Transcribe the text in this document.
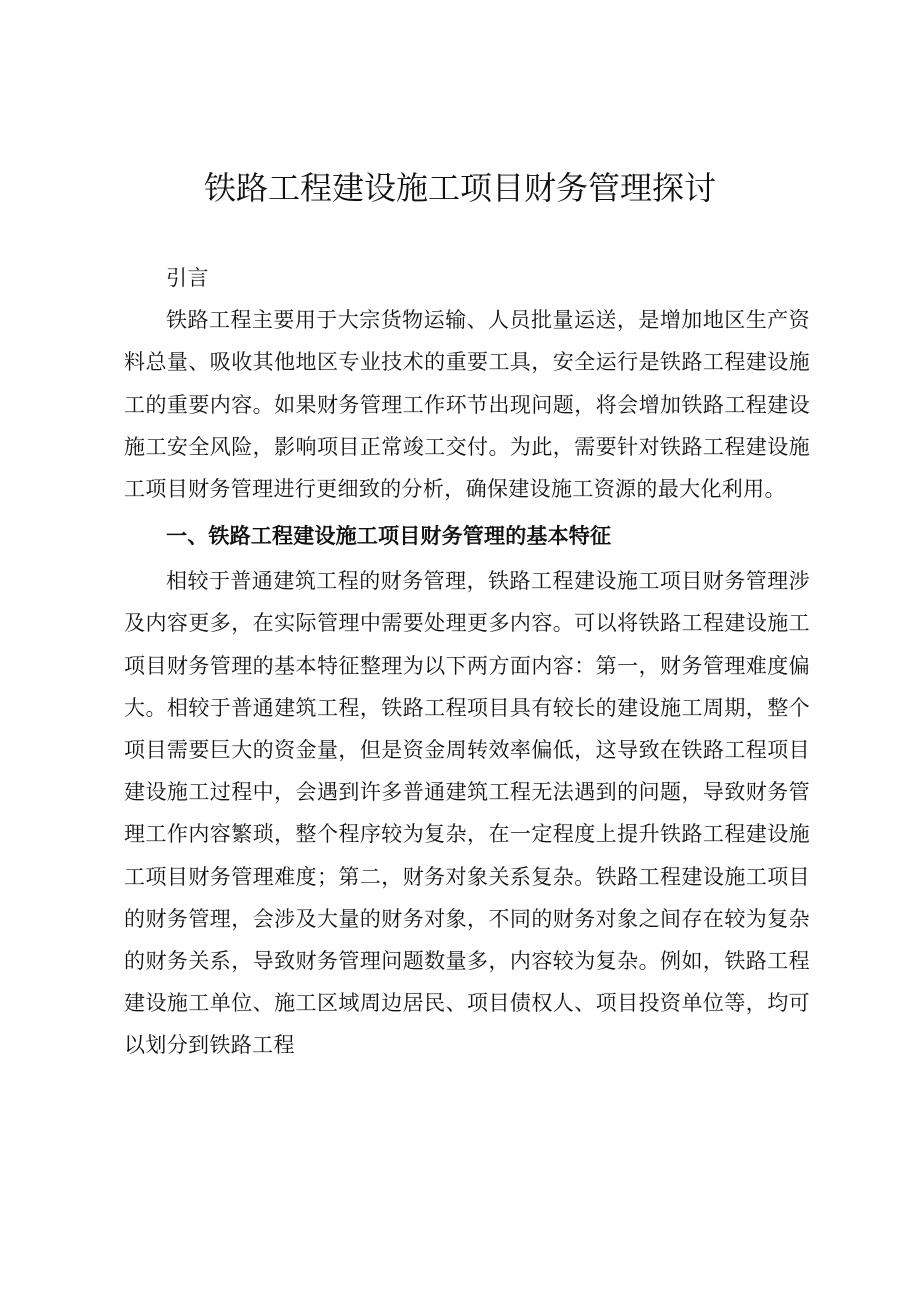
铁路工程建设施工项目财务管理探讨

引言

铁路工程主要用于大宗货物运输、人员批量运送，是增加地区生产资料总量、吸收其他地区专业技术的重要工具，安全运行是铁路工程建设施工的重要内容。如果财务管理工作环节出现问题，将会增加铁路工程建设施工安全风险，影响项目正常竣工交付。为此，需要针对铁路工程建设施工项目财务管理进行更细致的分析，确保建设施工资源的最大化利用。

一、铁路工程建设施工项目财务管理的基本特征

相较于普通建筑工程的财务管理，铁路工程建设施工项目财务管理涉及内容更多，在实际管理中需要处理更多内容。可以将铁路工程建设施工项目财务管理的基本特征整理为以下两方面内容：第一，财务管理难度偏大。相较于普通建筑工程，铁路工程项目具有较长的建设施工周期，整个项目需要巨大的资金量，但是资金周转效率偏低，这导致在铁路工程项目建设施工过程中，会遇到许多普通建筑工程无法遇到的问题，导致财务管理工作内容繁琐，整个程序较为复杂，在一定程度上提升铁路工程建设施工项目财务管理难度；第二，财务对象关系复杂。铁路工程建设施工项目的财务管理，会涉及大量的财务对象，不同的财务对象之间存在较为复杂的财务关系，导致财务管理问题数量多，内容较为复杂。例如，铁路工程建设施工单位、施工区域周边居民、项目债权人、项目投资单位等，均可以划分到铁路工程
